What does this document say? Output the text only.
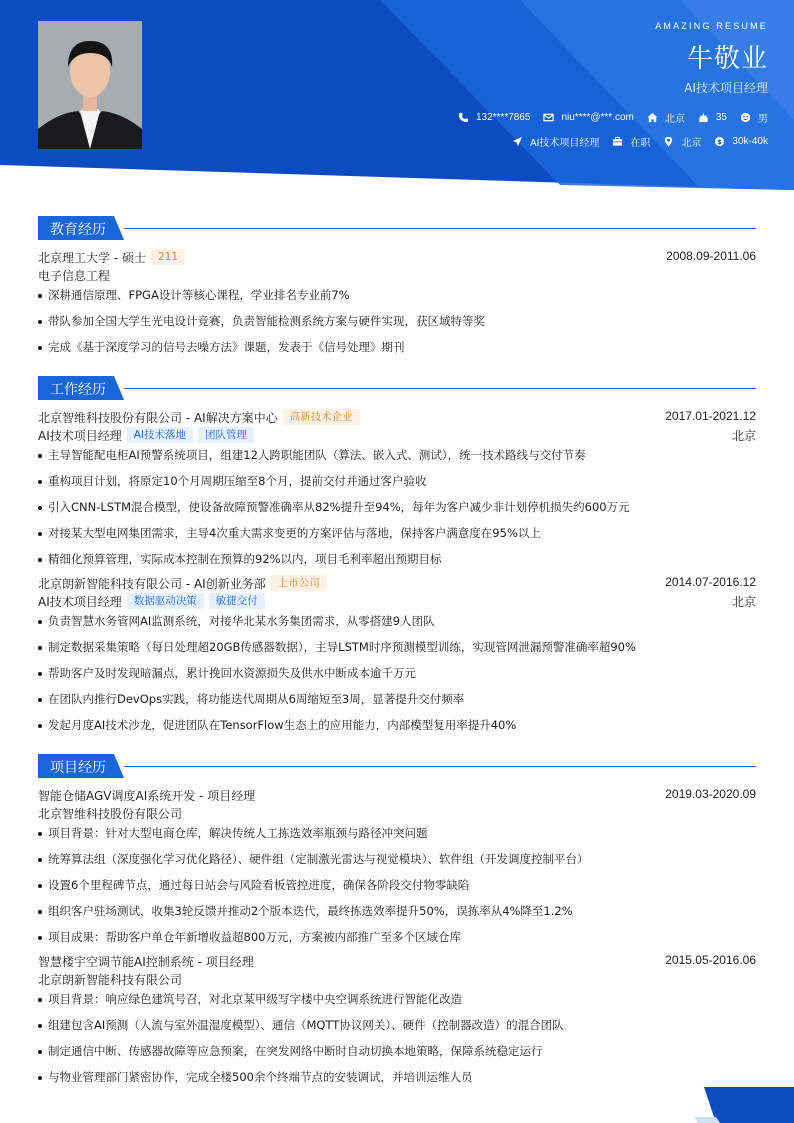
AMAZING RESUME
牛敬业
AI技术项目经理
132****7865	niu****@***.com	北京	35	男
AI技术项目经理	在职	北京 $ 30k-40k
教育经历
北京理工大学 - 硕士	211	2008.09-2011.06
电子信息工程
深耕通信原理、FPGA设计等核心课程，学业排名专业前7%
带队参加全国大学生光电设计竞赛，负责智能检测系统方案与硬件实现，获区域特等奖
完成《基于深度学习的信号去噪方法》课题，发表于《信号处理》期刊
工作经历
北京智维科技股份有限公司 - AI解决方案中心	高新技术企业	2017.01-2021.12
AI技术项目经理	AI技术落地	团队管理	北京
主导智能配电柜AI预警系统项目，组建12人跨职能团队（算法、嵌入式、测试），统一技术路线与交付节奏
重构项目计划，将原定10个月周期压缩至8个月，提前交付并通过客户验收
引入CNN-LSTM混合模型，使设备故障预警准确率从82%提升至94%，每年为客户减少非计划停机损失约600万元
对接某大型电网集团需求，主导4次重大需求变更的方案评估与落地，保持客户满意度在95%以上
精细化预算管理，实际成本控制在预算的92%以内，项目毛利率超出预期目标
北京朗新智能科技有限公司 - AI创新业务部	上市公司	2014.07-2016.12
AI技术项目经理	数据驱动决策	敏捷交付	北京
负责智慧水务管网AI监测系统，对接华北某水务集团需求，从零搭建9人团队
制定数据采集策略（每日处理超20GB传感器数据），主导LSTM时序预测模型训练，实现管网泄漏预警准确率超90%
帮助客户及时发现暗漏点，累计挽回水资源损失及供水中断成本逾千万元
在团队内推行DevOps实践，将功能迭代周期从6周缩短至3周，显著提升交付频率
发起月度AI技术沙龙，促进团队在TensorFlow生态上的应用能力，内部模型复用率提升40%
项目经历
智能仓储AGV调度AI系统开发 - 项目经理	2019.03-2020.09
北京智维科技股份有限公司
项目背景：针对大型电商仓库，解决传统人工拣选效率瓶颈与路径冲突问题
统筹算法组（深度强化学习优化路径）、硬件组（定制激光雷达与视觉模块）、软件组（开发调度控制平台）
设置6个里程碑节点，通过每日站会与风险看板管控进度，确保各阶段交付物零缺陷
组织客户驻场测试，收集3轮反馈并推动2个版本迭代，最终拣选效率提升50%，误拣率从4%降至1.2%
项目成果：帮助客户单仓年新增收益超800万元，方案被内部推广至多个区域仓库
智慧楼宇空调节能AI控制系统 - 项目经理	2015.05-2016.06
北京朗新智能科技有限公司
项目背景：响应绿色建筑号召，对北京某甲级写字楼中央空调系统进行智能化改造
组建包含AI预测（人流与室外温湿度模型）、通信（MQTT协议网关）、硬件（控制器改造）的混合团队
制定通信中断、传感器故障等应急预案，在突发网络中断时自动切换本地策略，保障系统稳定运行
与物业管理部门紧密协作，完成全楼500余个终端节点的安装调试，并培训运维人员
